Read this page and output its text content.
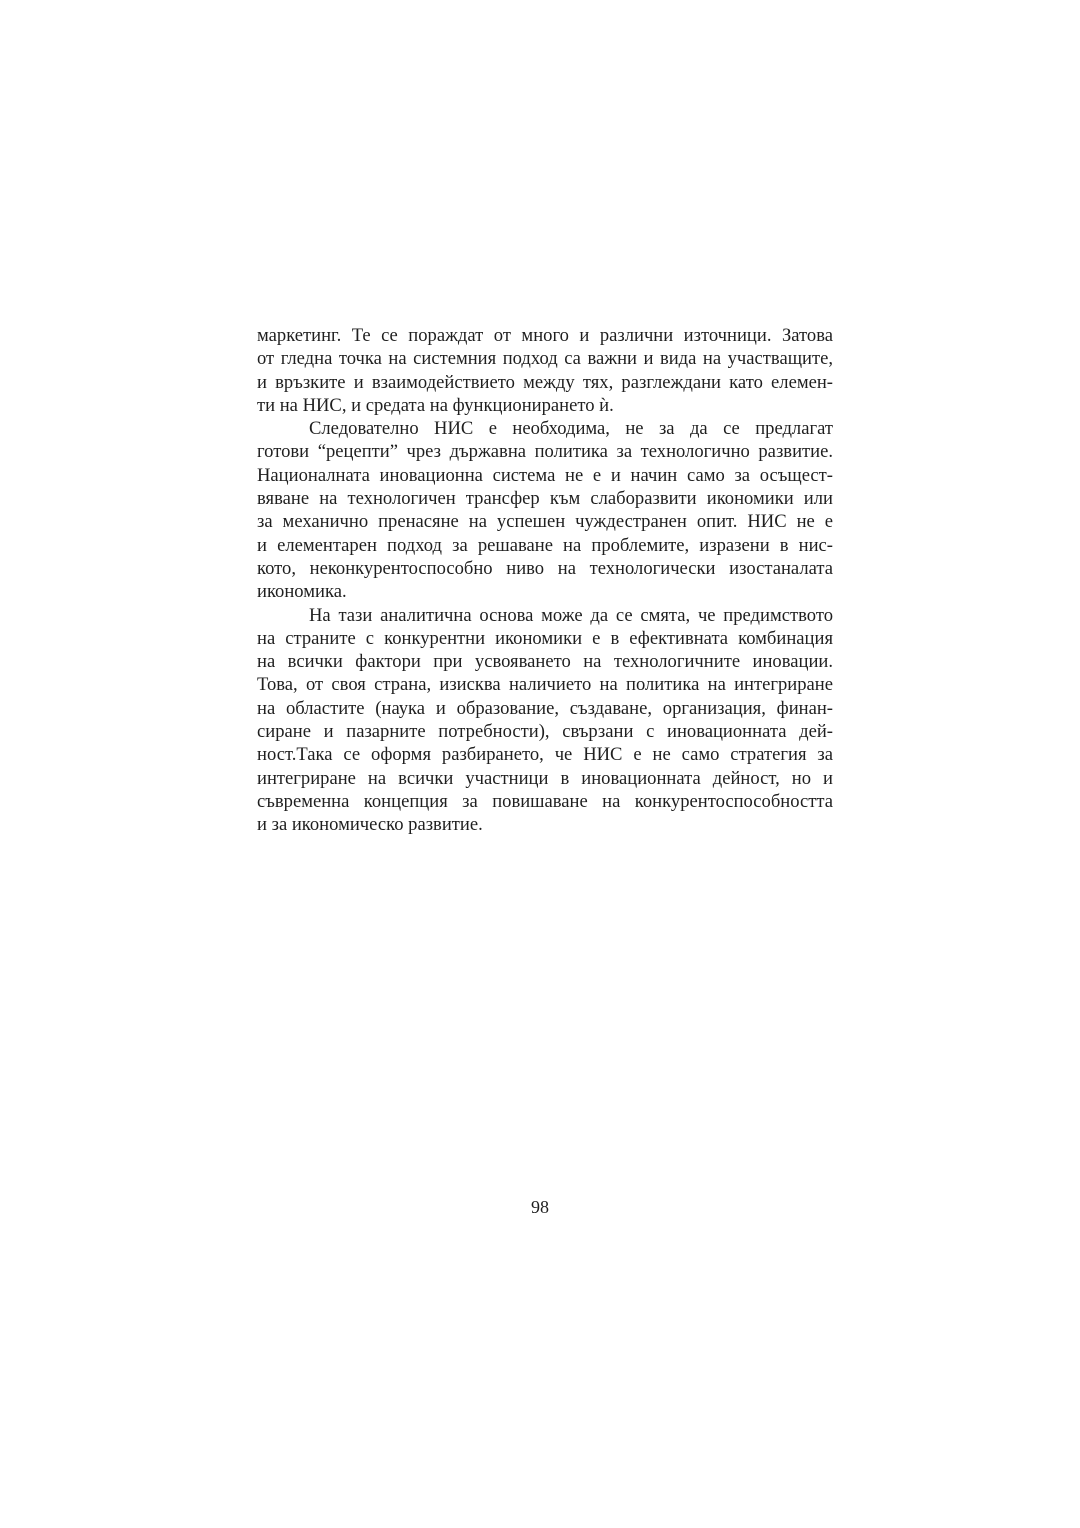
маркетинг. Те се пораждат от много и различни източници. Затова
от гледна точка на системния подход са важни и вида на участващите,
и връзките и взаимодействието между тях, разглеждани като елемен-
ти на НИС, и средата на функционирането ѝ.

Следователно НИС е необходима, не за да се предлагат
готови “рецепти” чрез държавна политика за технологично развитие.
Националната иновационна система не е и начин само за осъщест-
вяване на технологичен трансфер към слаборазвити икономики или
за механично пренасяне на успешен чуждестранен опит. НИС не е
и елементарен подход за решаване на проблемите, изразени в нис-
кото, неконкурентоспособно ниво на технологически изостаналата
икономика.

На тази аналитична основа може да се смята, че предимството
на страните с конкурентни икономики е в ефективната комбинация
на всички фактори при усвояването на технологичните иновации.
Това, от своя страна, изисква наличието на политика на интегриране
на областите (наука и образование, създаване, организация, финан-
сиране и пазарните потребности), свързани с иновационната дей-
ност.Така се оформя разбирането, че НИС е не само стратегия за
интегриране на всички участници в иновационната дейност, но и
съвременна концепция за повишаване на конкурентоспособността
и за икономическо развитие.

98
